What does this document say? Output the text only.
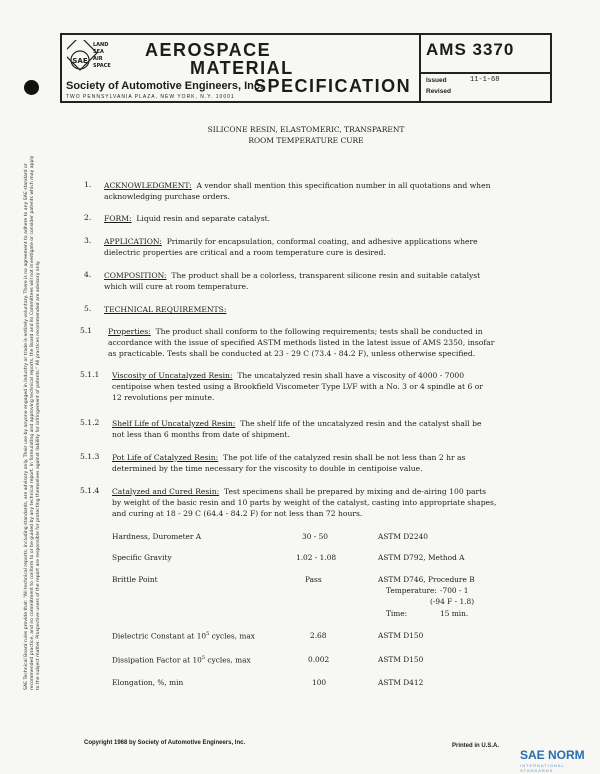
SAE
LAND
SEA
AIR
SPACE
AEROSPACE
MATERIAL
SPECIFICATION
Society of Automotive Engineers, Inc.
TWO PENNSYLVANIA PLAZA, NEW YORK, N.Y. 10001
AMS 3370
Issued	11-1-68
Revised
SILICONE RESIN, ELASTOMERIC, TRANSPARENT
ROOM TEMPERATURE CURE
SAE Technical Board rules provide that: "All technical reports, including standards, are advisory only. Their use by anyone engaged in industry or trade is entirely voluntary. There is no agreement to adhere to any SAE standard or recommended practice, and no commitment to conform to or be guided by any technical report. In formulating and approving technical reports, the Board and its Committees will not investigate or consider patents which may apply to the subject matter. Prospective users of the report are responsible for protecting themselves against liability for infringement of patents." All practices recommended are advisory only.
1. ACKNOWLEDGMENT: A vendor shall mention this specification number in all quotations and when
acknowledging purchase orders.
2. FORM: Liquid resin and separate catalyst.
3. APPLICATION: Primarily for encapsulation, conformal coating, and adhesive applications where
dielectric properties are critical and a room temperature cure is desired.
4. COMPOSITION: The product shall be a colorless, transparent silicone resin and suitable catalyst
which will cure at room temperature.
5. TECHNICAL REQUIREMENTS:
5.1 Properties: The product shall conform to the following requirements; tests shall be conducted in
accordance with the issue of specified ASTM methods listed in the latest issue of AMS 2350, insofar
as practicable. Tests shall be conducted at 23 - 29 C (73.4 - 84.2 F), unless otherwise specified.
5.1.1 Viscosity of Uncatalyzed Resin: The uncatalyzed resin shall have a viscosity of 4000 - 7000
centipoise when tested using a Brookfield Viscometer Type LVF with a No. 3 or 4 spindle at 6 or
12 revolutions per minute.
5.1.2 Shelf Life of Uncatalyzed Resin: The shelf life of the uncatalyzed resin and the catalyst shall be
not less than 6 months from date of shipment.
5.1.3 Pot Life of Catalyzed Resin: The pot life of the catalyzed resin shall be not less than 2 hr as
determined by the time necessary for the viscosity to double in centipoise value.
5.1.4 Catalyzed and Cured Resin: Test specimens shall be prepared by mixing and de-airing 100 parts
by weight of the basic resin and 10 parts by weight of the catalyst, casting into appropriate shapes,
and curing at 18 - 29 C (64.4 - 84.2 F) for not less than 72 hours.
Hardness, Durometer A	30 - 50	ASTM D2240
Specific Gravity	1.02 - 1.08	ASTM D792, Method A
Brittle Point	Pass	ASTM D746, Procedure B
Temperature: -700 - 1
(-94 F - 1.8)
Time:	15 min.
Dielectric Constant at $10^5$ cycles, max	2.68	ASTM D150
Dissipation Factor at $10^5$ cycles, max	0.002	ASTM D150
Elongation, %, min	100	ASTM D412
Copyright 1968 by Society of Automotive Engineers, Inc.	Printed in U.S.A.
SAE NORM
INTERNATIONAL STANDARDS
